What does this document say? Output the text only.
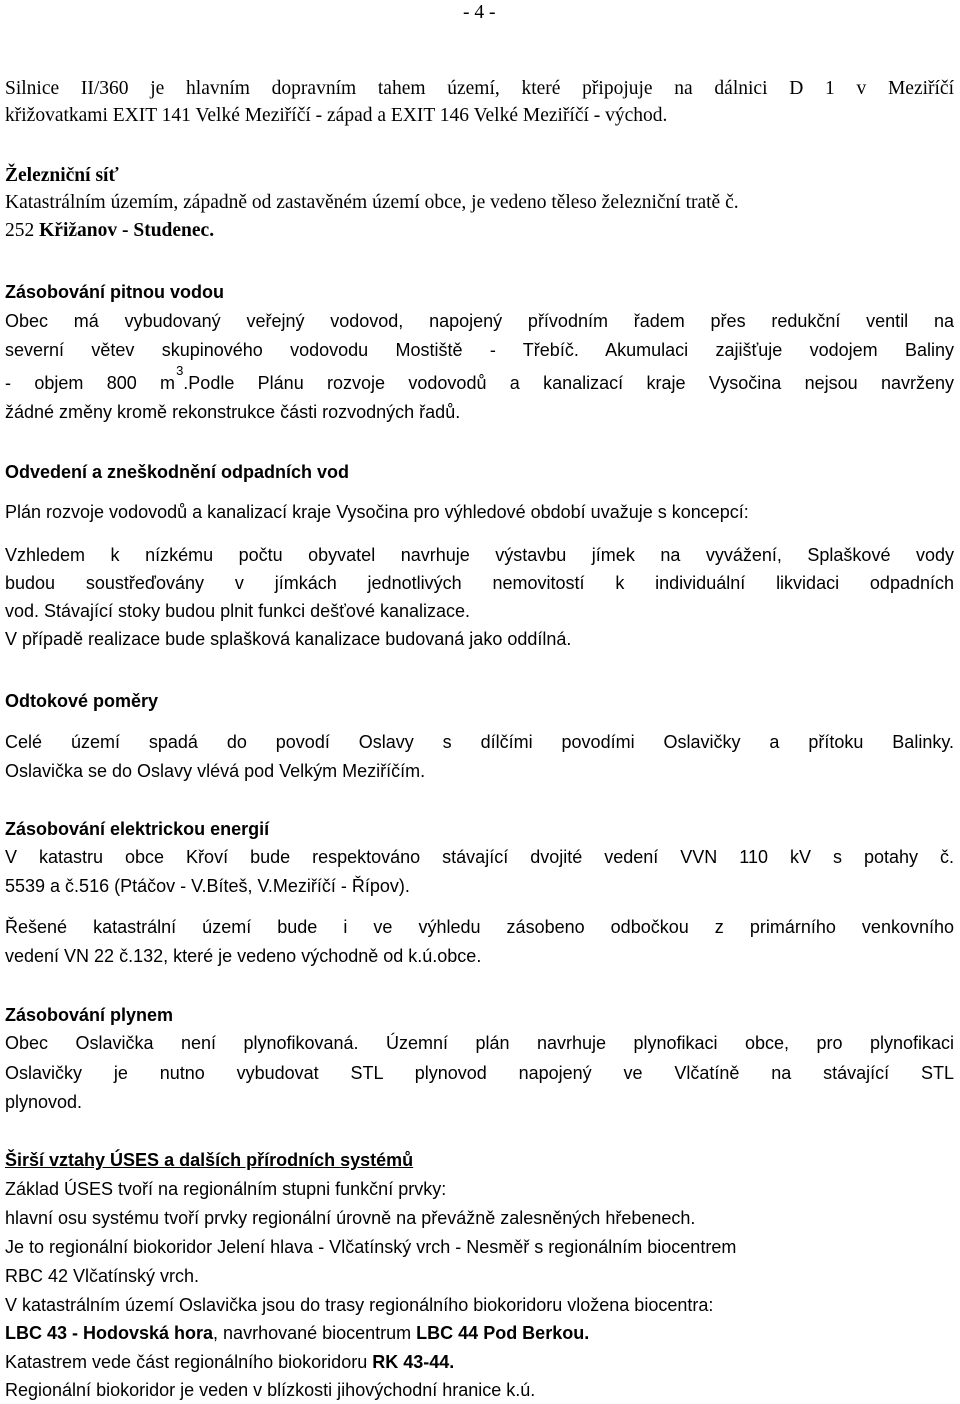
- 4 -

Silnice II/360 je hlavním dopravním tahem území, které připojuje na dálnici D 1 v Meziříčí

křižovatkami EXIT 141 Velké Meziříčí - západ a EXIT 146 Velké Meziříčí - východ.

Železniční síť

Katastrálním územím, západně od zastavěném území obce, je vedeno těleso železniční tratě č.

252 Křižanov - Studenec.

Zásobování pitnou vodou

Obec má vybudovaný veřejný vodovod, napojený přívodním řadem přes redukční ventil na

severní větev skupinového vodovodu Mostiště - Třebíč. Akumulaci zajišťuje vodojem Baliny

- objem 800 $m^3.Podle$ Plánu rozvoje vodovodů a kanalizací kraje Vysočina nejsou navrženy

žádné změny kromě rekonstrukce části rozvodných řadů.

Odvedení a zneškodnění odpadních vod

Plán rozvoje vodovodů a kanalizací kraje Vysočina pro výhledové období uvažuje s koncepcí:

Vzhledem k nízkému počtu obyvatel navrhuje výstavbu jímek na vyvážení, Splaškové vody

budou soustřeďovány v jímkách jednotlivých nemovitostí k individuální likvidaci odpadních

vod. Stávající stoky budou plnit funkci dešťové kanalizace.

V případě realizace bude splašková kanalizace budovaná jako oddílná.

Odtokové poměry

Celé území spadá do povodí Oslavy s dílčími povodími Oslavičky a přítoku Balinky.

Oslavička se do Oslavy vlévá pod Velkým Meziříčím.

Zásobování elektrickou energií

V katastru obce Křoví bude respektováno stávající dvojité vedení VVN 110 kV s potahy č.

5539 a č.516 (Ptáčov - V.Bíteš, V.Meziříčí - Řípov).

Řešené katastrální území bude i ve výhledu zásobeno odbočkou z primárního venkovního

vedení VN 22 č.132, které je vedeno východně od k.ú.obce.

Zásobování plynem

Obec Oslavička není plynofikovaná. Územní plán navrhuje plynofikaci obce, pro plynofikaci

Oslavičky je nutno vybudovat STL plynovod napojený ve Vlčatíně na stávající STL

plynovod.

Širší vztahy ÚSES a dalších přírodních systémů

Základ ÚSES tvoří na regionálním stupni funkční prvky:

hlavní osu systému tvoří prvky regionální úrovně na převážně zalesněných hřebenech.

Je to regionální biokoridor Jelení hlava - Vlčatínský vrch - Nesměř s regionálním biocentrem

RBC 42 Vlčatínský vrch.

V katastrálním území Oslavička jsou do trasy regionálního biokoridoru vložena biocentra:

LBC 43 - Hodovská hora, navrhované biocentrum LBC 44 Pod Berkou.

Katastrem vede část regionálního biokoridoru RK 43-44.

Regionální biokoridor je veden v blízkosti jihovýchodní hranice k.ú.
